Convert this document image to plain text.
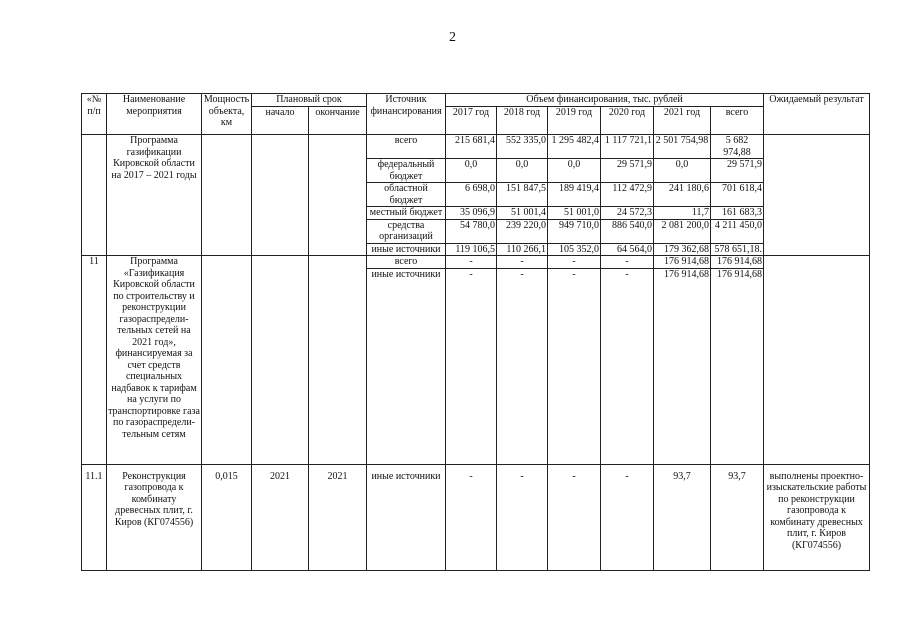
2
«№ п/п	Наименование мероприятия	Мощность объекта, км	Плановый срок		Источник финансирования	Объем финансирования, тыс. рублей						Ожидаемый результат
			начало	окончание		2017 год	2018 год	2019 год	2020 год	2021 год	всего	
	Программа газификации Кировской области на 2017 – 2021 годы				всего	215 681,4	552 335,0	1 295 482,4	1 117 721,1	2 501 754,98	5 682 974,88	
					федеральный бюджет	0,0	0,0	0,0	29 571,9	0,0	29 571,9	
					областной бюджет	6 698,0	151 847,5	189 419,4	112 472,9	241 180,6	701 618,4	
					местный бюджет	35 096,9	51 001,4	51 001,0	24 572,3	11,7	161 683,3	
					средства организаций	54 780,0	239 220,0	949 710,0	886 540,0	2 081 200,0	4 211 450,0	
					иные источники	119 106,5	110 266,1	105 352,0	64 564,0	179 362,68	578 651,18.	
11	Программа «Газификация Кировской области по строительству и реконструкции газораспредели-тельных сетей на 2021 год», финансируемая за счет средств специальных надбавок к тарифам на услуги по транспортировке газа по газораспредели-тельным сетям				всего	-	-	-	-	176 914,68	176 914,68	
					иные источники	-	-	-	-	176 914,68	176 914,68	
11.1	Реконструкция газопровода к комбинату древесных плит, г. Киров (КГ074556)	0,015	2021	2021	иные источники	-	-	-	-	93,7	93,7	выполнены проектно-изыскательские работы по реконструкции газопровода к комбинату древесных плит, г. Киров (КГ074556)
